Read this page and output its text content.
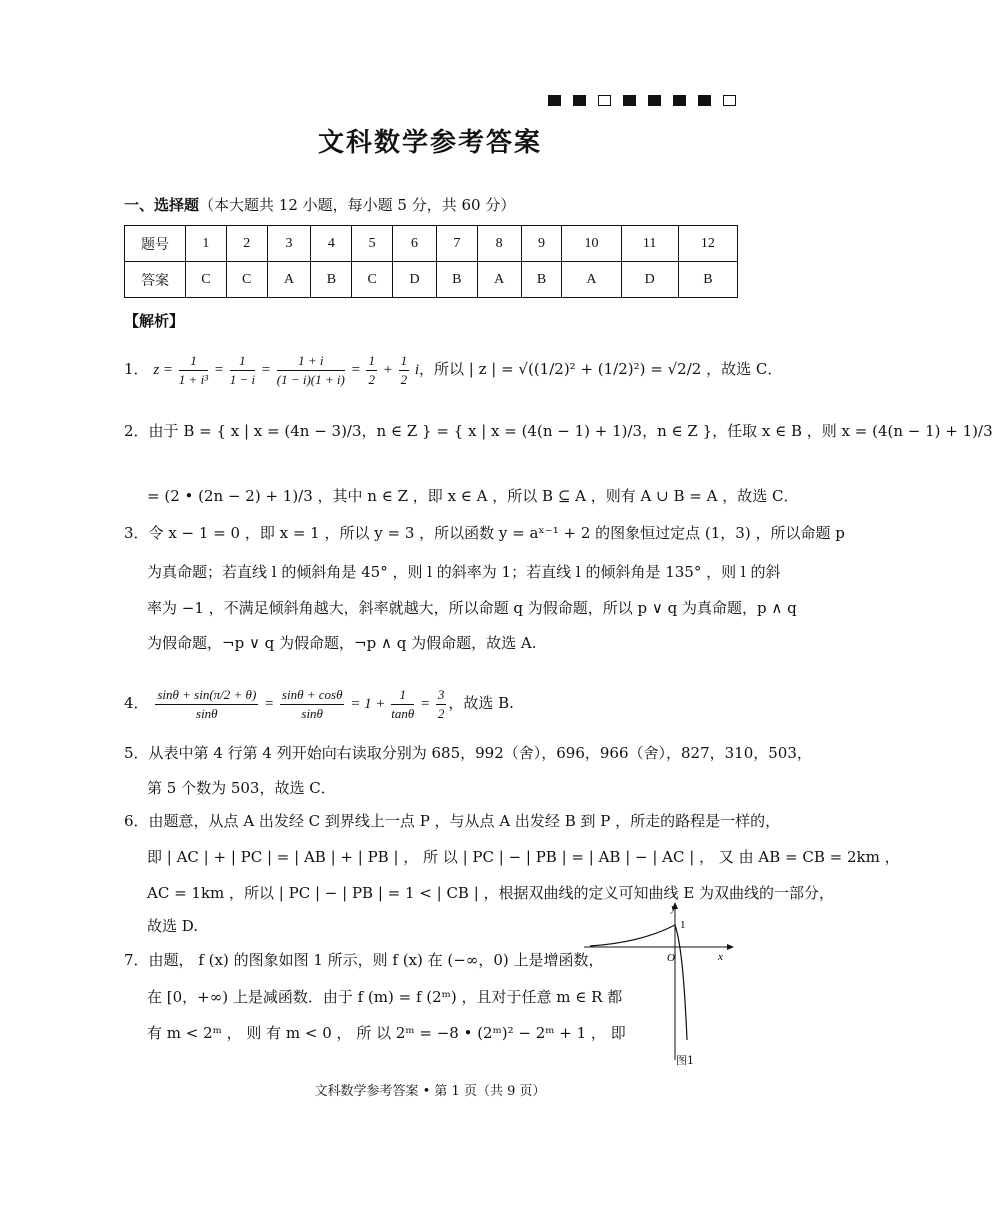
文科数学参考答案
一、选择题（本大题共 12 小题，每小题 5 分，共 60 分）
题号	1	2	3	4	5	6	7	8	9	10	11	12
答案	C	C	A	B	C	D	B	A	B	A	D	B
【解析】
1． $z = \frac{1}{\text{1 + i³}} = \frac{1}{1 - i} = \frac{1 + i}{(1 - i)(1 + i)} = \frac{1}{2} + \frac{1}{2}$ i，所以 | z | = √((1/2)² + (1/2)²) = √2/2 ，故选 C．
2．由于 B = { x | x = (4n − 3)/3，n ∈ Z } = { x | x = (4(n − 1) + 1)/3，n ∈ Z }，任取 x ∈ B ，则 x = (4(n − 1) + 1)/3
= (2 • (2n − 2) + 1)/3 ，其中 n ∈ Z ，即 x ∈ A ，所以 B ⊆ A ，则有 A ∪ B = A ，故选 C．
3．令 x − 1 = 0 ，即 x = 1 ，所以 y = 3 ，所以函数 y = aˣ⁻¹ + 2 的图象恒过定点 (1，3) ，所以命题 p
为真命题；若直线 l 的倾斜角是 45° ，则 l 的斜率为 1；若直线 l 的倾斜角是 135° ，则 l 的斜
率为 −1 ，不满足倾斜角越大，斜率就越大，所以命题 q 为假命题，所以 p ∨ q 为真命题，p ∧ q
为假命题，¬p ∨ q 为假命题，¬p ∧ q 为假命题，故选 A.
4． $\frac{\sin\theta + \sin(\pi/2 + \theta)}{\sin\theta} = \frac{\sin\theta + \cos\theta}{\sin\theta} = 1 + \frac{1}{\tan\theta} = \frac{3}{2}$ ，故选 B.
5．从表中第 4 行第 4 列开始向右读取分别为 685，992（舍），696，966（舍），827，310，503，
第 5 个数为 503，故选 C．
6．由题意，从点 A 出发经 C 到界线上一点 P ，与从点 A 出发经 B 到 P ，所走的路程是一样的，
即 | AC | + | PC | = | AB | + | PB | ， 所 以 | PC | − | PB | = | AB | − | AC | ， 又 由 AB = CB = 2km ，
AC = 1km ，所以 | PC | − | PB | = 1 < | CB | ，根据双曲线的定义可知曲线 E 为双曲线的一部分，
故选 D.
7．由题， f (x) 的图象如图 1 所示，则 f (x) 在 (−∞，0) 上是增函数，
在 [0，+∞) 上是减函数．由于 f (m) = f (2ᵐ) ，且对于任意 m ∈ R 都
有 m < 2ᵐ ， 则 有 m < 0 ， 所 以 2ᵐ = −8 • (2ᵐ)² − 2ᵐ + 1 ， 即
y
x
O
1
图1
文科数学参考答案 • 第 1 页（共 9 页）
